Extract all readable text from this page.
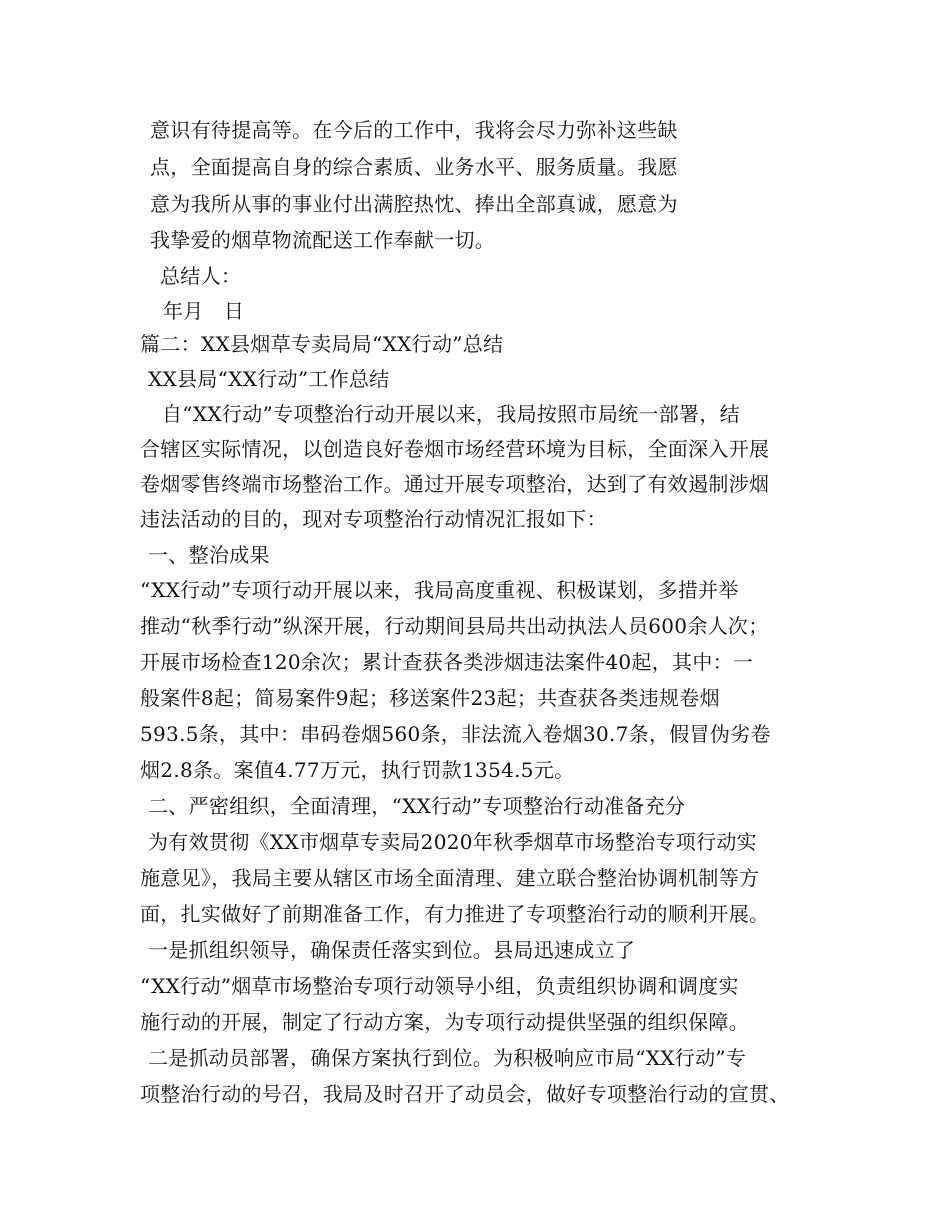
意识有待提高等。在今后的工作中，我将会尽力弥补这些缺
点，全面提高自身的综合素质、业务水平、服务质量。我愿
意为我所从事的事业付出满腔热忱、捧出全部真诚，愿意为
我挚爱的烟草物流配送工作奉献一切。
总结人：
年月　日
篇二：XX县烟草专卖局局“XX行动”总结
XX县局“XX行动”工作总结
自“XX行动”专项整治行动开展以来，我局按照市局统一部署，结
合辖区实际情况，以创造良好卷烟市场经营环境为目标，全面深入开展
卷烟零售终端市场整治工作。通过开展专项整治，达到了有效遏制涉烟
违法活动的目的，现对专项整治行动情况汇报如下：
一、整治成果
“XX行动”专项行动开展以来，我局高度重视、积极谋划，多措并举
推动“秋季行动”纵深开展，行动期间县局共出动执法人员600余人次；
开展市场检查120余次；累计查获各类涉烟违法案件40起，其中：一
般案件8起；简易案件9起；移送案件23起；共查获各类违规卷烟
593.5条，其中：串码卷烟560条，非法流入卷烟30.7条，假冒伪劣卷
烟2.8条。案值4.77万元，执行罚款1354.5元。
二、严密组织，全面清理，“XX行动”专项整治行动准备充分
为有效贯彻《XX市烟草专卖局2020年秋季烟草市场整治专项行动实
施意见》，我局主要从辖区市场全面清理、建立联合整治协调机制等方
面，扎实做好了前期准备工作，有力推进了专项整治行动的顺利开展。
一是抓组织领导，确保责任落实到位。县局迅速成立了
“XX行动”烟草市场整治专项行动领导小组，负责组织协调和调度实
施行动的开展，制定了行动方案，为专项行动提供坚强的组织保障。
二是抓动员部署，确保方案执行到位。为积极响应市局“XX行动”专
项整治行动的号召，我局及时召开了动员会，做好专项整治行动的宣贯、
